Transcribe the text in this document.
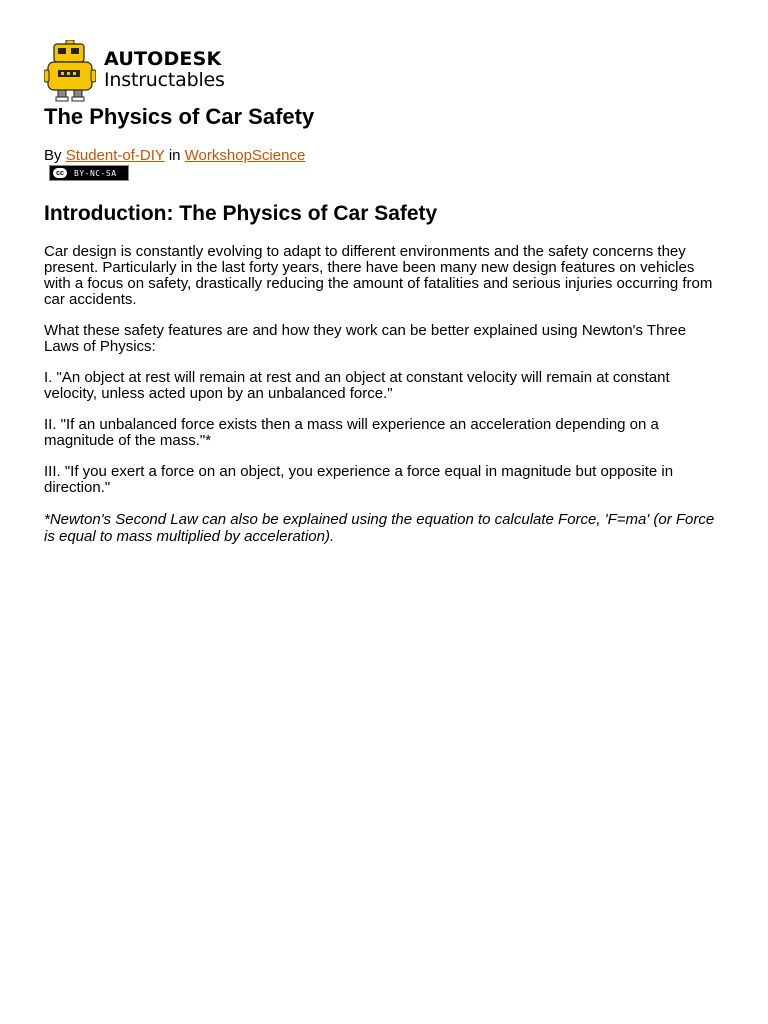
AUTODESK
Instructables
The Physics of Car Safety
By Student-of-DIY in WorkshopScience
cc	BY-NC-SA
Introduction: The Physics of Car Safety

Car design is constantly evolving to adapt to different environments and the safety concerns they present. Particularly in the last forty years, there have been many new design features on vehicles with a focus on safety, drastically reducing the amount of fatalities and serious injuries occurring from car accidents.

What these safety features are and how they work can be better explained using Newton's Three Laws of Physics:

I. "An object at rest will remain at rest and an object at constant velocity will remain at constant velocity, unless acted upon by an unbalanced force."

II. "If an unbalanced force exists then a mass will experience an acceleration depending on a magnitude of the mass."*

III. "If you exert a force on an object, you experience a force equal in magnitude but opposite in direction."

*Newton's Second Law can also be explained using the equation to calculate Force, 'F=ma' (or Force is equal to mass multiplied by acceleration).
